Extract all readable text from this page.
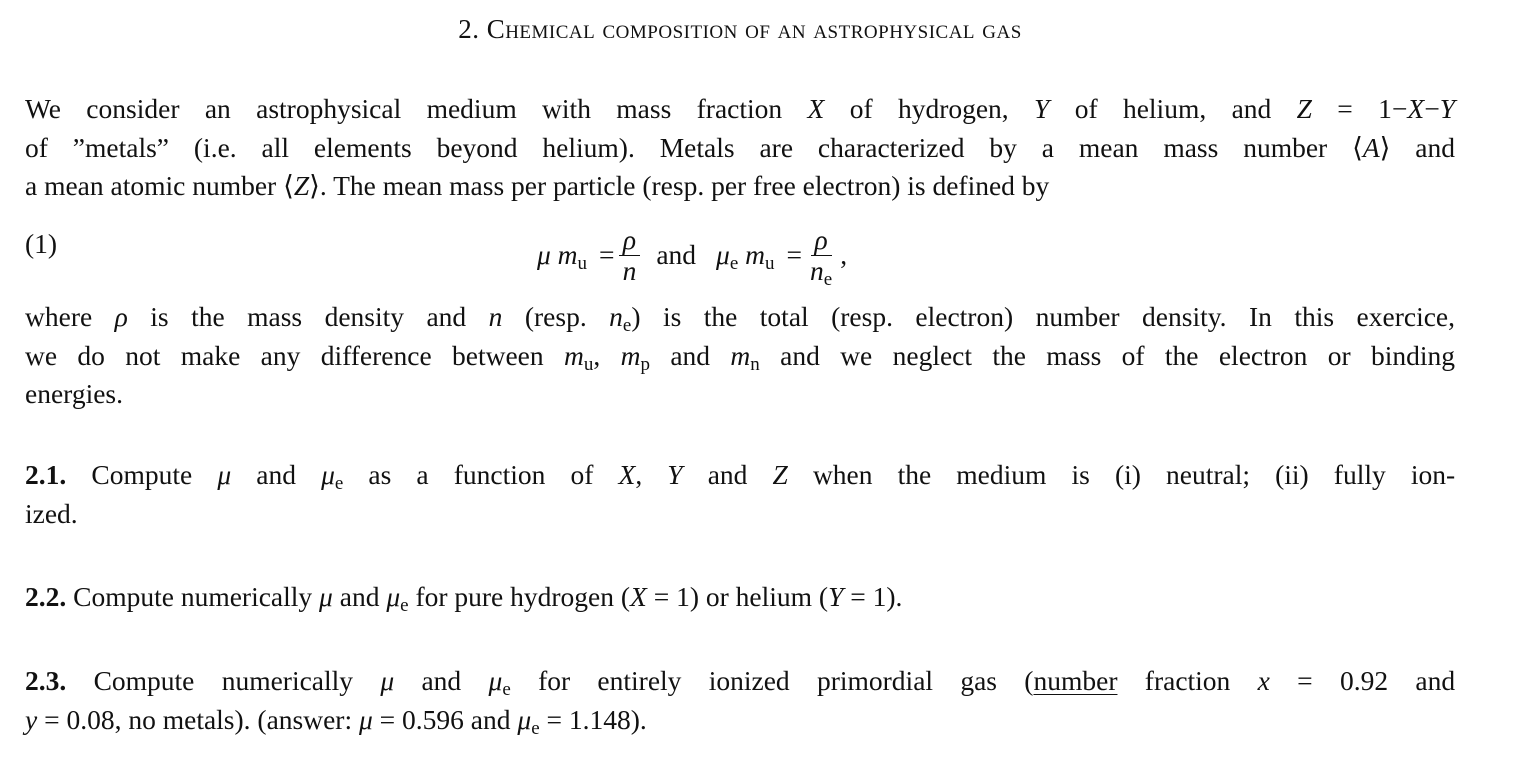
2. Chemical composition of an astrophysical gas
We consider an astrophysical medium with mass fraction X of hydrogen, Y of helium, and Z = 1−X−Y
of ”metals” (i.e. all elements beyond helium). Metals are characterized by a mean mass number ⟨A⟩ and
a mean atomic number ⟨Z⟩. The mean mass per particle (resp. per free electron) is defined by
(1)	μ $m_u = \frac{\rho}{n}$ and $\mu_e$ $m_u = \frac{\rho}{n_e}$ ,
where ρ is the mass density and n (resp. $n_e$) is the total (resp. electron) number density. In this exercice,
we do not make any difference between $m_u$, $m_p$ and $m_n$ and we neglect the mass of the electron or binding
energies.
2.1. Compute μ and $\mu_e$ as a function of X, Y and Z when the medium is (i) neutral; (ii) fully ion-
ized.
2.2. Compute numerically μ and $\mu_e$ for pure hydrogen (X = 1) or helium (Y = 1).
2.3. Compute numerically μ and $\mu_e$ for entirely ionized primordial gas (number fraction x = 0.92 and
y = 0.08, no metals). (answer: μ = 0.596 and $\mu_e = 1.148$).
